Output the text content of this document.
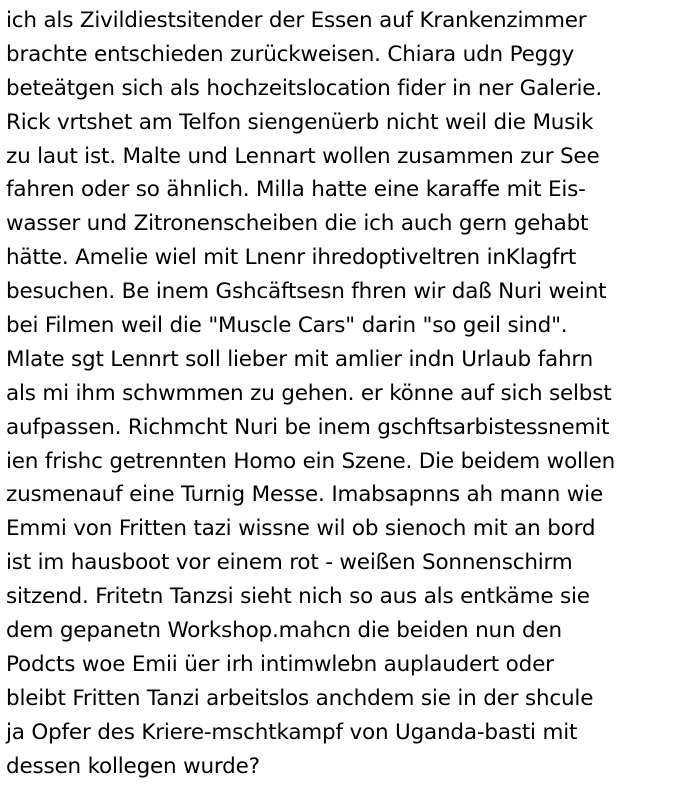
ich als Zivildiestsitender der Essen auf Krankenzimmer
brachte entschieden zurückweisen. Chiara udn Peggy
beteätgen sich als hochzeitslocation fider in ner Galerie.
Rick vrtshet am Telfon siengenüerb nicht weil die Musik
zu laut ist. Malte und Lennart wollen zusammen zur See
fahren oder so ähnlich. Milla hatte eine karaffe mit Eis-
wasser und Zitronenscheiben die ich auch gern gehabt
hätte. Amelie wiel mit Lnenr ihredoptiveltren inKlagfrt
besuchen. Be inem Gshcäftsesn fhren wir daß Nuri weint
bei Filmen weil die "Muscle Cars" darin "so geil sind".
Mlate sgt Lennrt soll lieber mit amlier indn Urlaub fahrn
als mi ihm schwmmen zu gehen. er könne auf sich selbst
aufpassen. Richmcht Nuri be inem gschftsarbistessnemit
ien frishc getrennten Homo ein Szene. Die beidem wollen
zusmenauf eine Turnig Messe. Imabsapnns ah mann wie
Emmi von Fritten tazi wissne wil ob sienoch mit an bord
ist im hausboot vor einem rot - weißen Sonnenschirm
sitzend. Fritetn Tanzsi sieht nich so aus als entkäme sie
dem gepanetn Workshop.mahcn die beiden nun den
Podcts woe Emii üer irh intimwlebn auplaudert oder
bleibt Fritten Tanzi arbeitslos anchdem sie in der shcule
ja Opfer des Kriere-mschtkampf von Uganda-basti mit
dessen kollegen wurde?
